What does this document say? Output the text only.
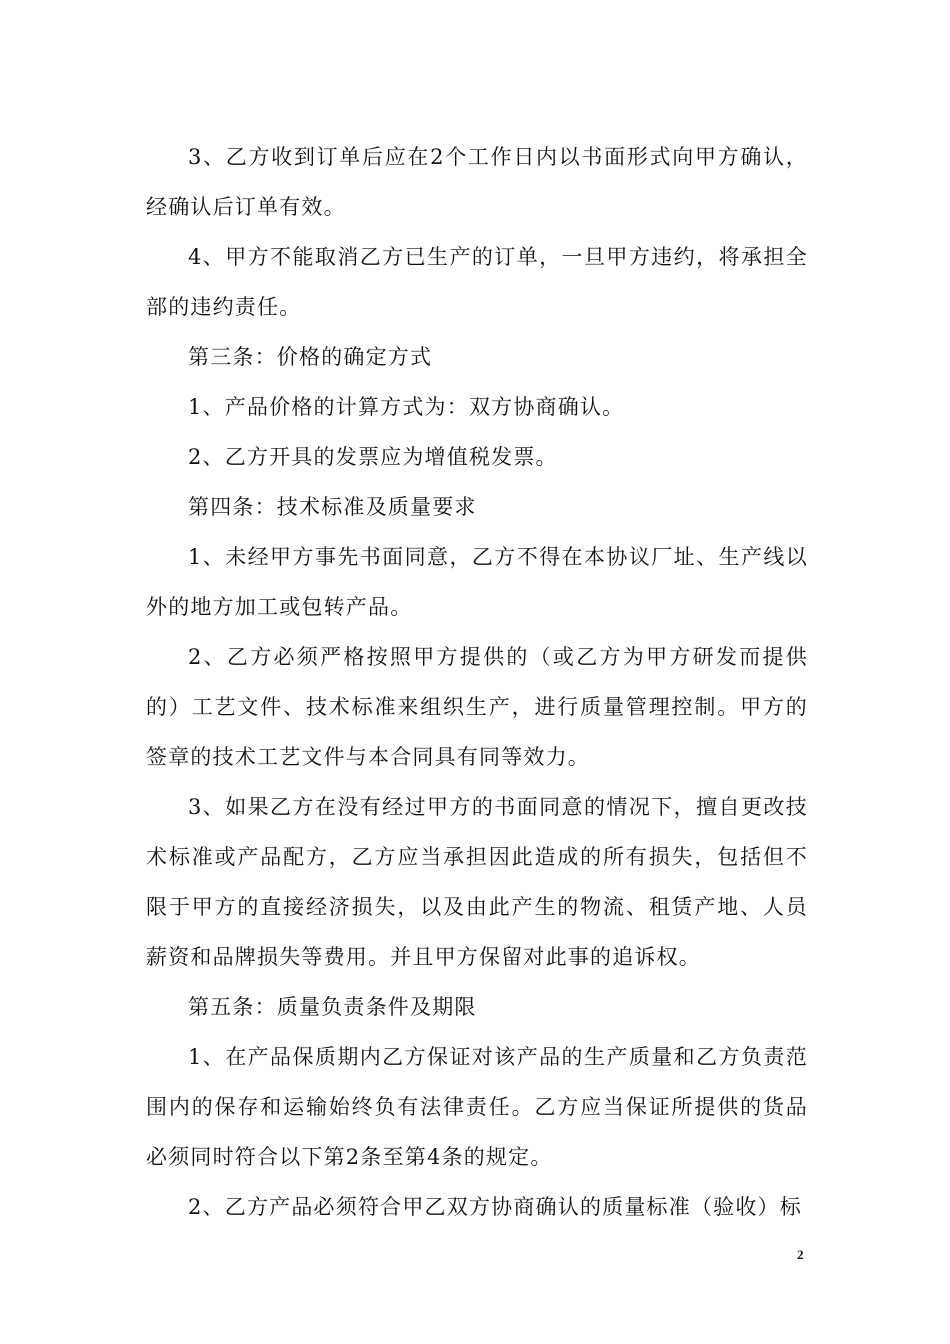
3、乙方收到订单后应在2个工作日内以书面形式向甲方确认，经确认后订单有效。

4、甲方不能取消乙方已生产的订单，一旦甲方违约，将承担全部的违约责任。

第三条：价格的确定方式

1、产品价格的计算方式为：双方协商确认。

2、乙方开具的发票应为增值税发票。

第四条：技术标准及质量要求

1、未经甲方事先书面同意，乙方不得在本协议厂址、生产线以外的地方加工或包转产品。

2、乙方必须严格按照甲方提供的（或乙方为甲方研发而提供的）工艺文件、技术标准来组织生产，进行质量管理控制。甲方的签章的技术工艺文件与本合同具有同等效力。

3、如果乙方在没有经过甲方的书面同意的情况下，擅自更改技术标准或产品配方，乙方应当承担因此造成的所有损失，包括但不限于甲方的直接经济损失，以及由此产生的物流、租赁产地、人员薪资和品牌损失等费用。并且甲方保留对此事的追诉权。

第五条：质量负责条件及期限

1、在产品保质期内乙方保证对该产品的生产质量和乙方负责范围内的保存和运输始终负有法律责任。乙方应当保证所提供的货品必须同时符合以下第2条至第4条的规定。

2、乙方产品必须符合甲乙双方协商确认的质量标准（验收）标

2
